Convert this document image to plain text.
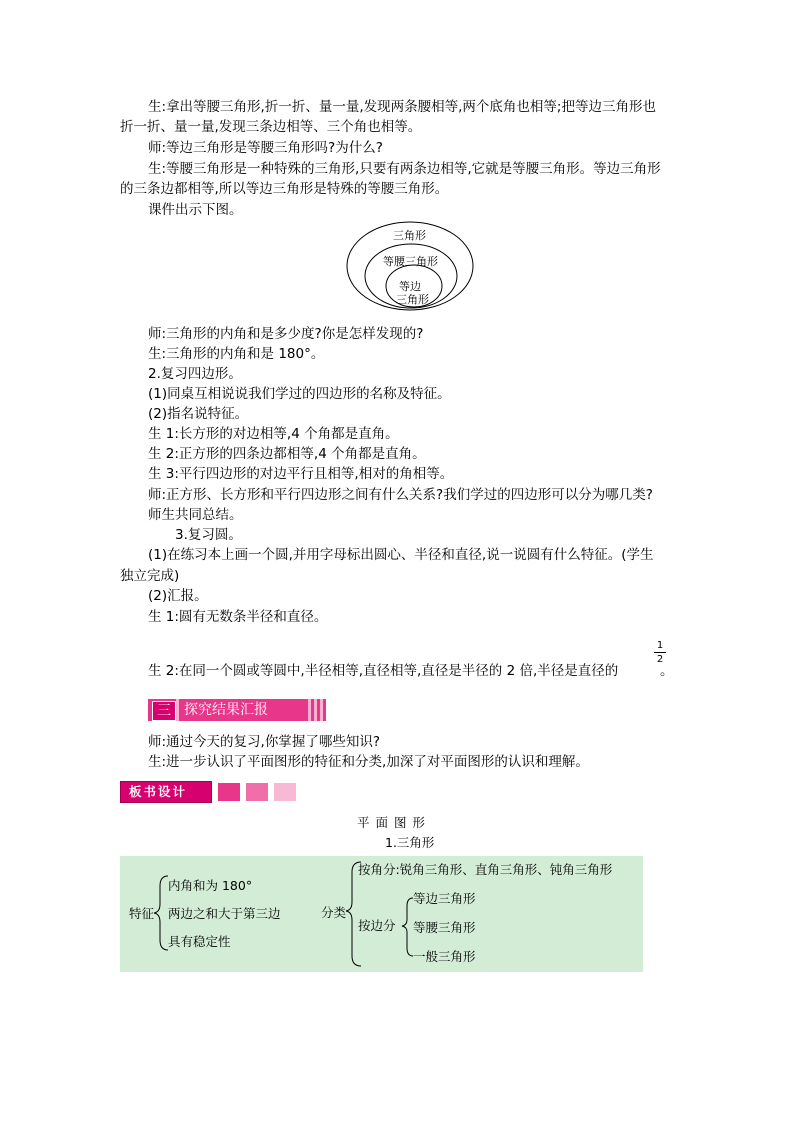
生:拿出等腰三角形,折一折、量一量,发现两条腰相等,两个底角也相等;把等边三角形也
折一折、量一量,发现三条边相等、三个角也相等。
师:等边三角形是等腰三角形吗?为什么?
生:等腰三角形是一种特殊的三角形,只要有两条边相等,它就是等腰三角形。等边三角形
的三条边都相等,所以等边三角形是特殊的等腰三角形。
课件出示下图。
三角形
等腰三角形
等边
三角形
师:三角形的内角和是多少度?你是怎样发现的?
生:三角形的内角和是 180°。
2.复习四边形。
(1)同桌互相说说我们学过的四边形的名称及特征。
(2)指名说特征。
生 1:长方形的对边相等,4 个角都是直角。
生 2:正方形的四条边都相等,4 个角都是直角。
生 3:平行四边形的对边平行且相等,相对的角相等。
师:正方形、长方形和平行四边形之间有什么关系?我们学过的四边形可以分为哪几类?
师生共同总结。
3.复习圆。
(1)在练习本上画一个圆,并用字母标出圆心、半径和直径,说一说圆有什么特征。(学生
独立完成)
(2)汇报。
生 1:圆有无数条半径和直径。
生 2:在同一个圆或等圆中,半径相等,直径相等,直径是半径的 2 倍,半径是直径的
1
2
。
三 探究结果汇报
师:通过今天的复习,你掌握了哪些知识?
生:进一步认识了平面图形的特征和分类,加深了对平面图形的认识和理解。
板书设计
平 面 图 形
1.三角形
特征
内角和为 180°
两边之和大于第三边
具有稳定性
分类
按角分:锐角三角形、直角三角形、钝角三角形
按边分
等边三角形
等腰三角形
一般三角形
